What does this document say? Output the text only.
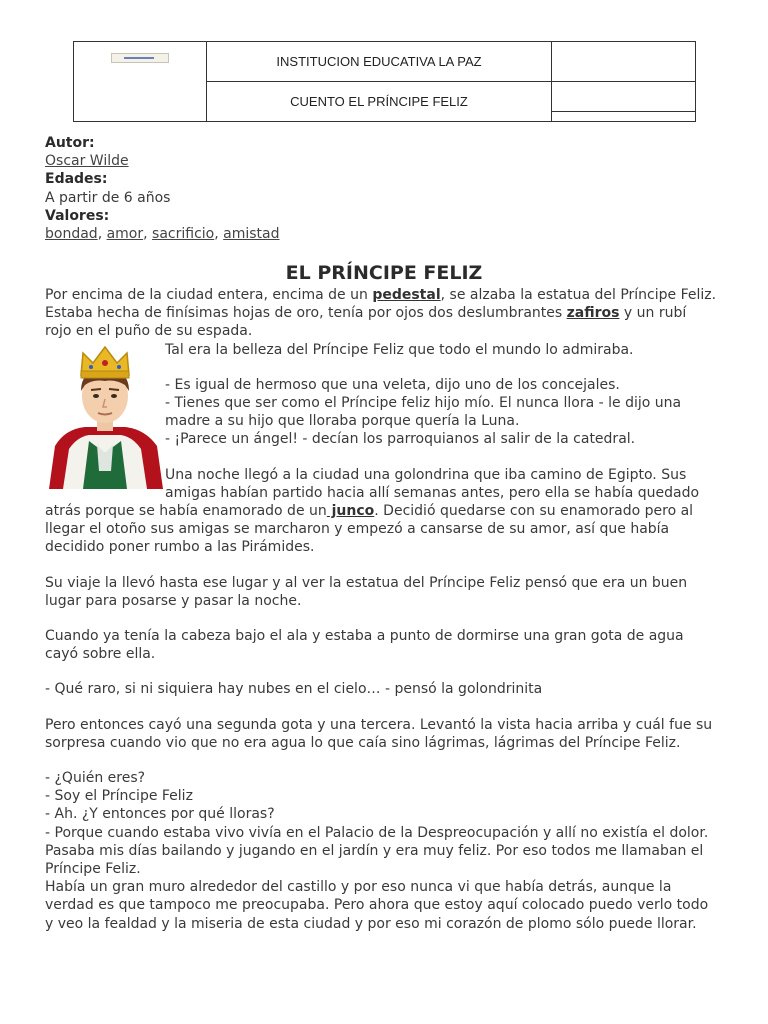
	INSTITUCION EDUCATIVA LA PAZ	
	CUENTO EL PRÍNCIPE FELIZ	
Autor:
Oscar Wilde
Edades:
A partir de 6 años
Valores:
bondad, amor, sacrificio, amistad
EL PRÍNCIPE FELIZ

Por encima de la ciudad entera, encima de un pedestal, se alzaba la estatua del Príncipe Feliz. Estaba hecha de finísimas hojas de oro, tenía por ojos dos deslumbrantes zafiros y un rubí rojo en el puño de su espada.

Tal era la belleza del Príncipe Feliz que todo el mundo lo admiraba.

- Es igual de hermoso que una veleta, dijo uno de los concejales.

- Tienes que ser como el Príncipe feliz hijo mío. El nunca llora - le dijo una madre a su hijo que lloraba porque quería la Luna.

- ¡Parece un ángel! - decían los parroquianos al salir de la catedral.

Una noche llegó a la ciudad una golondrina que iba camino de Egipto. Sus amigas habían partido hacia allí semanas antes, pero ella se había quedado atrás porque se había enamorado de un junco. Decidió quedarse con su enamorado pero al llegar el otoño sus amigas se marcharon y empezó a cansarse de su amor, así que había decidido poner rumbo a las Pirámides.

Su viaje la llevó hasta ese lugar y al ver la estatua del Príncipe Feliz pensó que era un buen lugar para posarse y pasar la noche.

Cuando ya tenía la cabeza bajo el ala y estaba a punto de dormirse una gran gota de agua cayó sobre ella.

- Qué raro, si ni siquiera hay nubes en el cielo… - pensó la golondrinita

Pero entonces cayó una segunda gota y una tercera. Levantó la vista hacia arriba y cuál fue su sorpresa cuando vio que no era agua lo que caía sino lágrimas, lágrimas del Príncipe Feliz.

- ¿Quién eres?

- Soy el Príncipe Feliz

- Ah. ¿Y entonces por qué lloras?

- Porque cuando estaba vivo vivía en el Palacio de la Despreocupación y allí no existía el dolor. Pasaba mis días bailando y jugando en el jardín y era muy feliz. Por eso todos me llamaban el Príncipe Feliz.

Había un gran muro alrededor del castillo y por eso nunca vi que había detrás, aunque la verdad es que tampoco me preocupaba. Pero ahora que estoy aquí colocado puedo verlo todo y veo la fealdad y la miseria de esta ciudad y por eso mi corazón de plomo sólo puede llorar.
